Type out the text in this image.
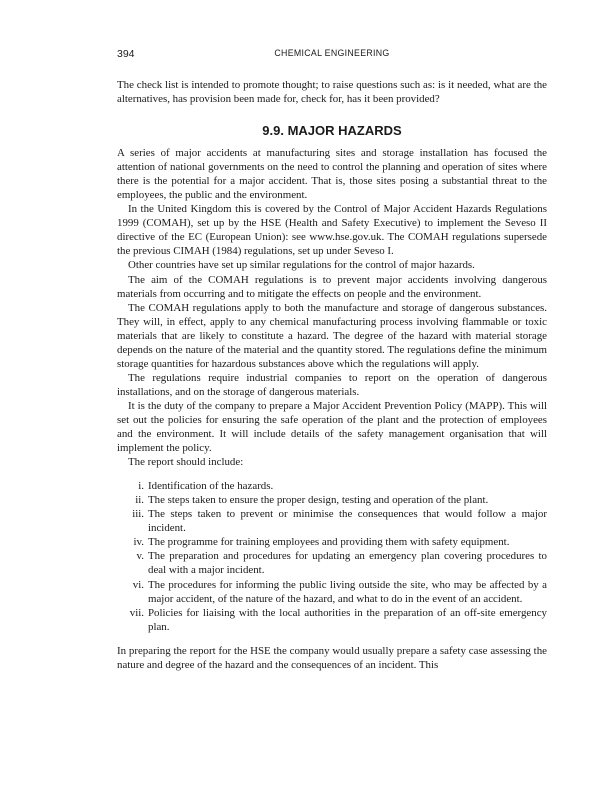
394	CHEMICAL ENGINEERING

The check list is intended to promote thought; to raise questions such as: is it needed, what are the alternatives, has provision been made for, check for, has it been provided?

9.9. MAJOR HAZARDS

A series of major accidents at manufacturing sites and storage installation has focused the attention of national governments on the need to control the planning and operation of sites where there is the potential for a major accident. That is, those sites posing a substantial threat to the employees, the public and the environment.

In the United Kingdom this is covered by the Control of Major Accident Hazards Regulations 1999 (COMAH), set up by the HSE (Health and Safety Executive) to implement the Seveso II directive of the EC (European Union): see www.hse.gov.uk. The COMAH regulations supersede the previous CIMAH (1984) regulations, set up under Seveso I.

Other countries have set up similar regulations for the control of major hazards.

The aim of the COMAH regulations is to prevent major accidents involving dangerous materials from occurring and to mitigate the effects on people and the environment.

The COMAH regulations apply to both the manufacture and storage of dangerous substances. They will, in effect, apply to any chemical manufacturing process involving flammable or toxic materials that are likely to constitute a hazard. The degree of the hazard with material storage depends on the nature of the material and the quantity stored. The regulations define the minimum storage quantities for hazardous substances above which the regulations will apply.

The regulations require industrial companies to report on the operation of dangerous installations, and on the storage of dangerous materials.

It is the duty of the company to prepare a Major Accident Prevention Policy (MAPP). This will set out the policies for ensuring the safe operation of the plant and the protection of employees and the environment. It will include details of the safety management organisation that will implement the policy.

The report should include:

i. Identification of the hazards.
ii. The steps taken to ensure the proper design, testing and operation of the plant.
iii. The steps taken to prevent or minimise the consequences that would follow a major incident.
iv. The programme for training employees and providing them with safety equipment.
v. The preparation and procedures for updating an emergency plan covering procedures to deal with a major incident.
vi. The procedures for informing the public living outside the site, who may be affected by a major accident, of the nature of the hazard, and what to do in the event of an accident.
vii. Policies for liaising with the local authorities in the preparation of an off-site emergency plan.

In preparing the report for the HSE the company would usually prepare a safety case assessing the nature and degree of the hazard and the consequences of an incident. This
